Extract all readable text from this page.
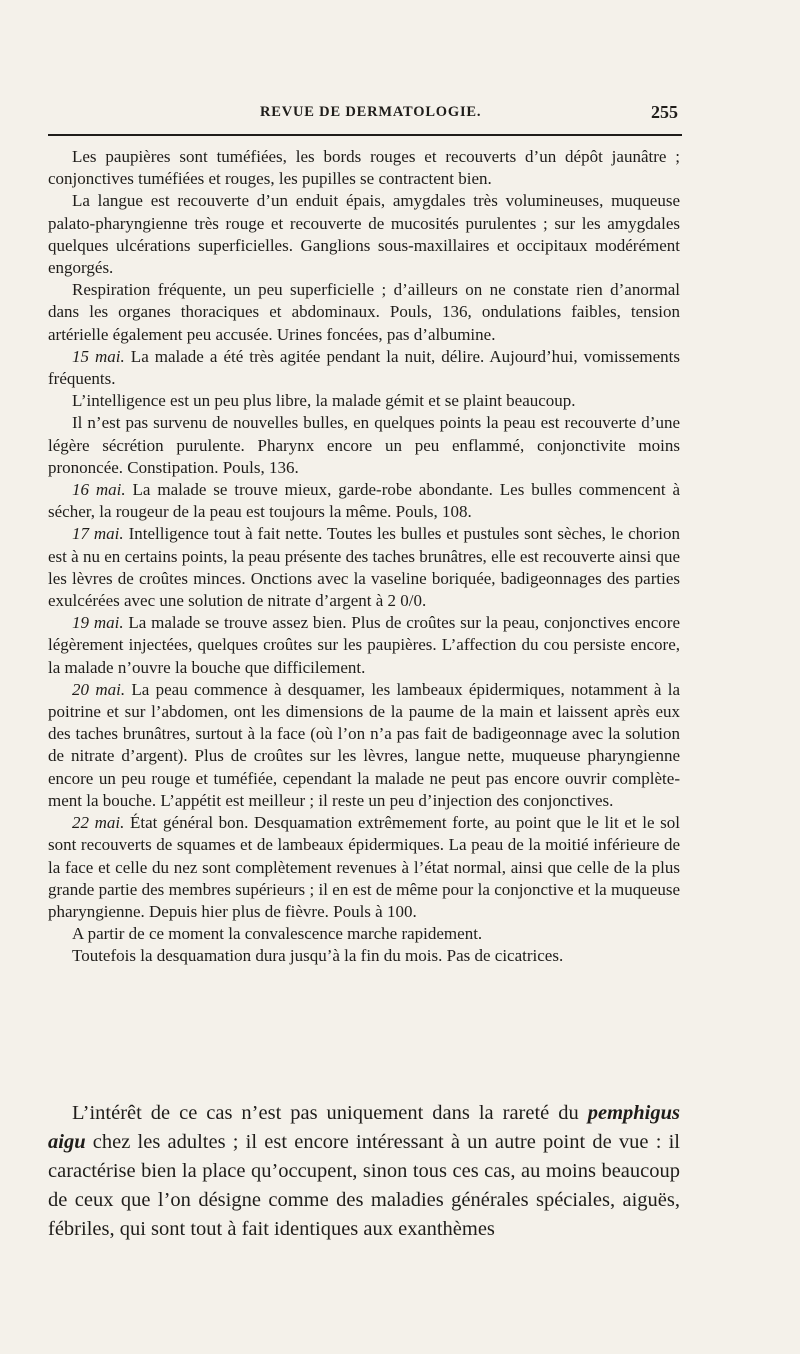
REVUE DE DERMATOLOGIE.	255

Les paupières sont tuméfiées, les bords rouges et recouverts d’un dépôt jaunâtre ; conjonctives tuméfiées et rouges, les pupilles se contractent bien.

La langue est recouverte d’un enduit épais, amygdales très volumineuses, muqueuse palato-pharyngienne très rouge et recouverte de mucosités purulentes ; sur les amygdales quelques ulcérations superficielles. Ganglions sous-maxillaires et occipitaux modérément engorgés.

Respiration fréquente, un peu superficielle ; d’ailleurs on ne constate rien d’anormal dans les organes thoraciques et abdominaux. Pouls, 136, ondulations faibles, tension artérielle également peu accusée. Urines foncées, pas d’albumine.

15 mai. La malade a été très agitée pendant la nuit, délire. Aujourd’hui, vomissements fréquents.

L’intelligence est un peu plus libre, la malade gémit et se plaint beaucoup.

Il n’est pas survenu de nouvelles bulles, en quelques points la peau est recouverte d’une légère sécrétion purulente. Pharynx encore un peu enflammé, conjonctivite moins prononcée. Constipation. Pouls, 136.

16 mai. La malade se trouve mieux, garde-robe abondante. Les bulles commencent à sécher, la rougeur de la peau est toujours la même. Pouls, 108.

17 mai. Intelligence tout à fait nette. Toutes les bulles et pustules sont sèches, le chorion est à nu en certains points, la peau présente des taches brunâtres, elle est recouverte ainsi que les lèvres de croûtes minces. Onctions avec la vaseline boriquée, badigeonnages des parties exulcérées avec une solution de nitrate d’argent à 2 0/0.

19 mai. La malade se trouve assez bien. Plus de croûtes sur la peau, conjonctives encore légèrement injectées, quelques croûtes sur les paupières. L’affection du cou persiste encore, la malade n’ouvre la bouche que difficilement.

20 mai. La peau commence à desquamer, les lambeaux épidermiques, notamment à la poitrine et sur l’abdomen, ont les dimensions de la paume de la main et laissent après eux des taches brunâtres, surtout à la face (où l’on n’a pas fait de badigeonnage avec la solution de nitrate d’argent). Plus de croûtes sur les lèvres, langue nette, muqueuse pharyngienne encore un peu rouge et tuméfiée, cependant la malade ne peut pas encore ouvrir complètement la bouche. L’appétit est meilleur ; il reste un peu d’injection des conjonctives.

22 mai. État général bon. Desquamation extrêmement forte, au point que le lit et le sol sont recouverts de squames et de lambeaux épidermiques. La peau de la moitié inférieure de la face et celle du nez sont complètement revenues à l’état normal, ainsi que celle de la plus grande partie des membres supérieurs ; il en est de même pour la conjonctive et la muqueuse pharyngienne. Depuis hier plus de fièvre. Pouls à 100.

A partir de ce moment la convalescence marche rapidement.

Toutefois la desquamation dura jusqu’à la fin du mois. Pas de cicatrices.

L’intérêt de ce cas n’est pas uniquement dans la rareté du pemphigus aigu chez les adultes ; il est encore intéressant à un autre point de vue : il caractérise bien la place qu’occupent, sinon tous ces cas, au moins beaucoup de ceux que l’on désigne comme des maladies générales spéciales, aiguës, fébriles, qui sont tout à fait identiques aux exanthèmes
